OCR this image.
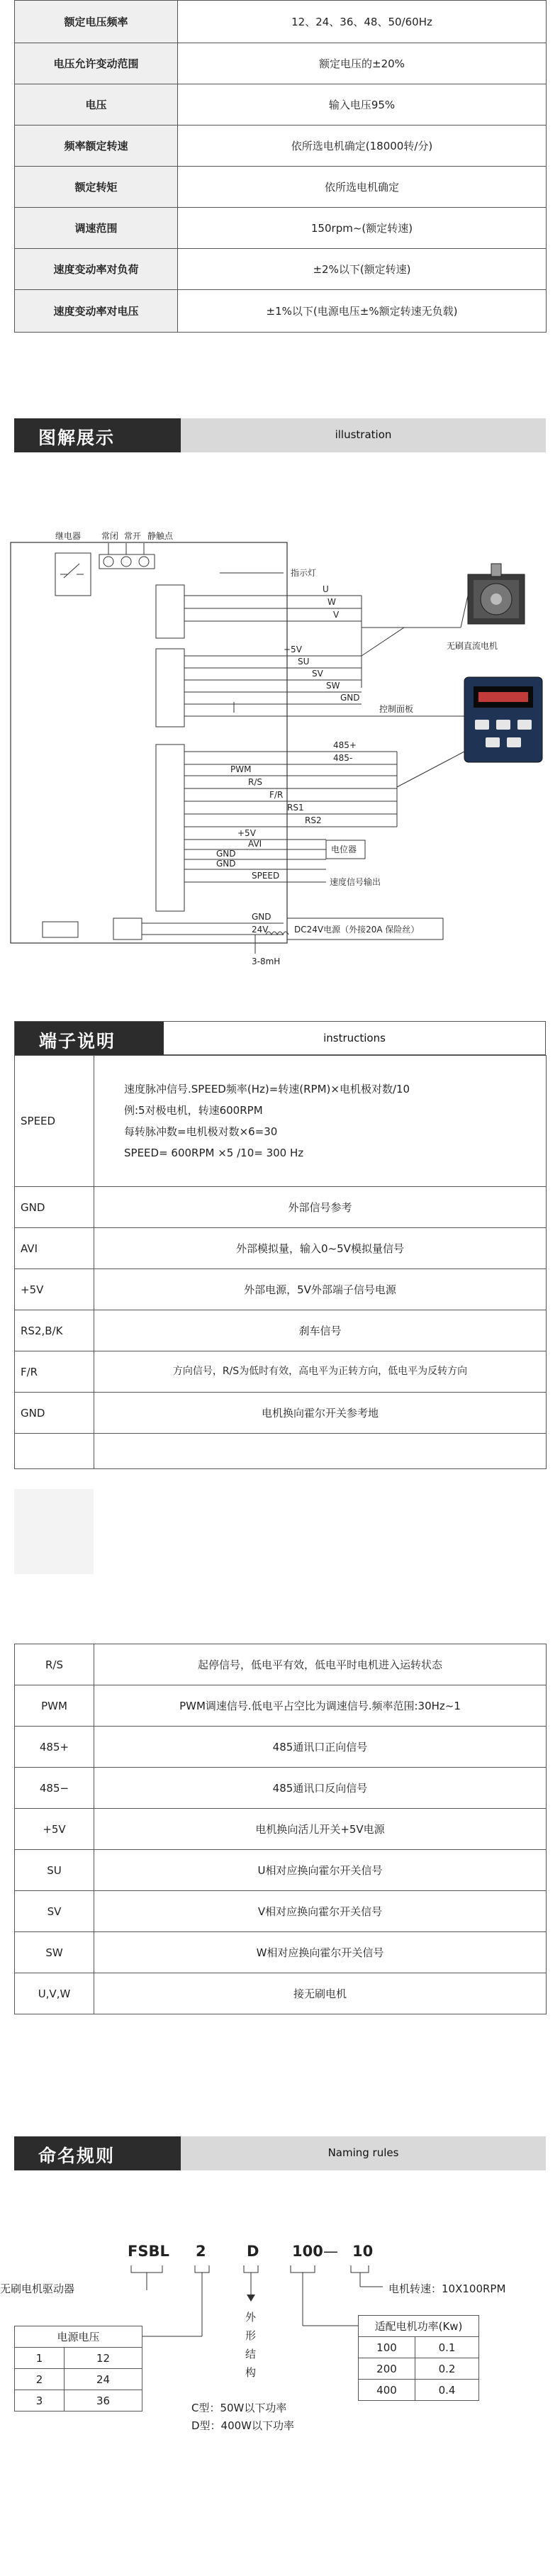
额定电压频率	12、24、36、48、50/60Hz
电压允许变动范围	额定电压的±20%
电压	输入电压95%
频率额定转速	依所选电机确定(18000转/分)
额定转矩	依所选电机确定
调速范围	150rpm~(额定转速)
速度变动率对负荷	±2%以下(额定转速)
速度变动率对电压	±1%以下(电源电压±%额定转速无负载)
图解展示	illustration
继电器 常闭 常开 静触点
指示灯
U
W
V
+5V
SU
SV
SW
GND
无刷直流电机
控制面板
485+
485-
PWM
R/S
F/R
RS1
RS2
+5V
AVI
GND
GND
SPEED
电位器
速度信号输出
GND
24V	DC24V电源（外接20A 保险丝）
3-8mH
端子说明	instructions
SPEED	速度脉冲信号.SPEED频率(Hz)=转速(RPM)×电机极对数/10
例:5对极电机，转速600RPM
每转脉冲数=电机极对数×6=30
SPEED= 600RPM ×5 /10= 300 Hz

GND	外部信号参考
AVI	外部模拟量，输入0~5V模拟量信号
+5V	外部电源，5V外部端子信号电源
RS2,B/K	刹车信号
F/R	方向信号，R/S为低时有效，高电平为正转方向，低电平为反转方向
GND	电机换向霍尔开关参考地

R/S	起停信号，低电平有效，低电平时电机进入运转状态
PWM	PWM调速信号.低电平占空比为调速信号.频率范围:30Hz~1
485+	485通讯口正向信号
485−	485通讯口反向信号
+5V	电机换向活儿开关+5V电源
SU	U相对应换向霍尔开关信号
SV	V相对应换向霍尔开关信号
SW	W相对应换向霍尔开关信号
U,V,W	接无刷电机
命名规则	Naming rules
FSBL 2	D 100 — 10
无刷电机驱动器	电机转速：10X100RPM
电源电压	
1	12
2	24
3	36
外形结构
C型：50W以下功率
D型：400W以下功率
适配电机功率(Kw)	
100	0.1
200	0.2
400	0.4
